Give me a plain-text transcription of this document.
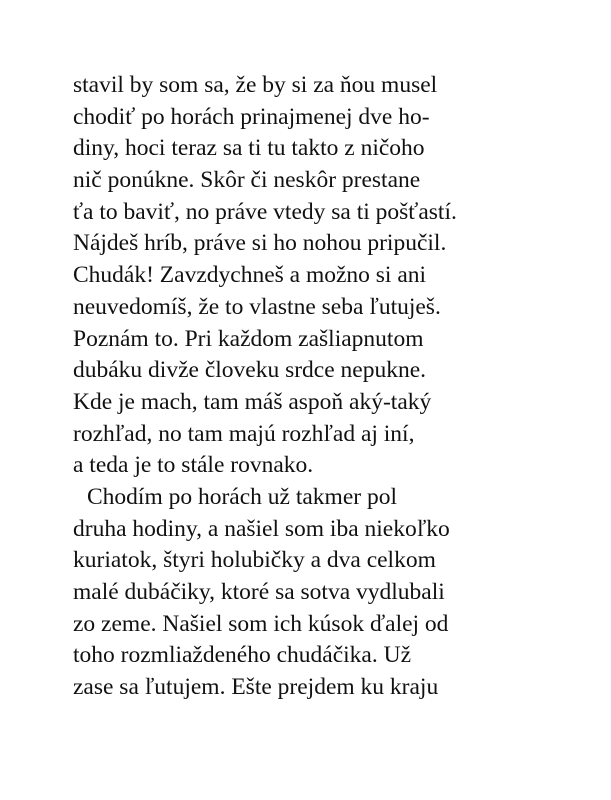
stavil by som sa, že by si za ňou musel
chodiť po horách prinajmenej dve ho-
diny, hoci teraz sa ti tu takto z ničoho
nič ponúkne. Skôr či neskôr prestane
ťa to baviť, no práve vtedy sa ti pošťastí.
Nájdeš hríb, práve si ho nohou pripučil.
Chudák! Zavzdychneš a možno si ani
neuvedomíš, že to vlastne seba ľutuješ.
Poznám to. Pri každom zašliapnutom
dubáku divže človeku srdce nepukne.
Kde je mach, tam máš aspoň aký-taký
rozhľad, no tam majú rozhľad aj iní,
a teda je to stále rovnako.
Chodím po horách už takmer pol
druha hodiny, a našiel som iba niekoľko
kuriatok, štyri holubičky a dva celkom
malé dubáčiky, ktoré sa sotva vydlubali
zo zeme. Našiel som ich kúsok ďalej od
toho rozmliaždeného chudáčika. Už
zase sa ľutujem. Ešte prejdem ku kraju
